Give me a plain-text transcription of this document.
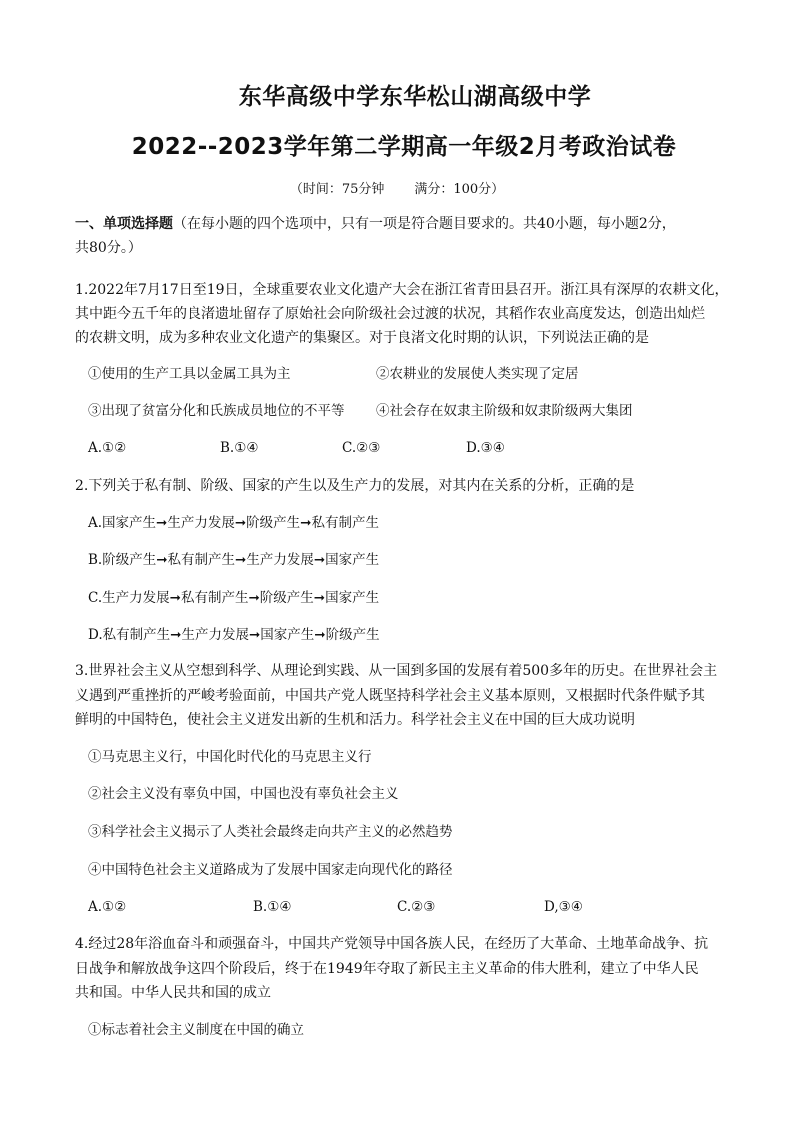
东华高级中学东华松山湖高级中学
2022--2023学年第二学期高一年级2月考政治试卷
（时间：75分钟 满分：100分）
一、单项选择题（在每小题的四个选项中，只有一项是符合题目要求的。共40小题，每小题2分，
共80分。）
1.2022年7月17日至19日，全球重要农业文化遗产大会在浙江省青田县召开。浙江具有深厚的农耕文化，
其中距今五千年的良渚遗址留存了原始社会向阶级社会过渡的状况，其稻作农业高度发达，创造出灿烂
的农耕文明，成为多种农业文化遗产的集聚区。对于良渚文化时期的认识，下列说法正确的是
①使用的生产工具以金属工具为主	②农耕业的发展使人类实现了定居
③出现了贫富分化和氏族成员地位的不平等 ④社会存在奴隶主阶级和奴隶阶级两大集团
A.①②	B.①④	C.②③	D.③④
2.下列关于私有制、阶级、国家的产生以及生产力的发展，对其内在关系的分析，正确的是
A.国家产生➞生产力发展➞阶级产生➞私有制产生
B.阶级产生➞私有制产生➞生产力发展➞国家产生
C.生产力发展➞私有制产生➞阶级产生➞国家产生
D.私有制产生➞生产力发展➞国家产生➞阶级产生
3.世界社会主义从空想到科学、从理论到实践、从一国到多国的发展有着500多年的历史。在世界社会主
义遇到严重挫折的严峻考验面前，中国共产党人既坚持科学社会主义基本原则，又根据时代条件赋予其
鲜明的中国特色，使社会主义迸发出新的生机和活力。科学社会主义在中国的巨大成功说明
①马克思主义行，中国化时代化的马克思主义行
②社会主义没有辜负中国，中国也没有辜负社会主义
③科学社会主义揭示了人类社会最终走向共产主义的必然趋势
④中国特色社会主义道路成为了发展中国家走向现代化的路径
A.①②	B.①④	C.②③	D,③④
4.经过28年浴血奋斗和顽强奋斗，中国共产党领导中国各族人民，在经历了大革命、土地革命战争、抗
日战争和解放战争这四个阶段后，终于在1949年夺取了新民主主义革命的伟大胜利，建立了中华人民
共和国。中华人民共和国的成立
①标志着社会主义制度在中国的确立
